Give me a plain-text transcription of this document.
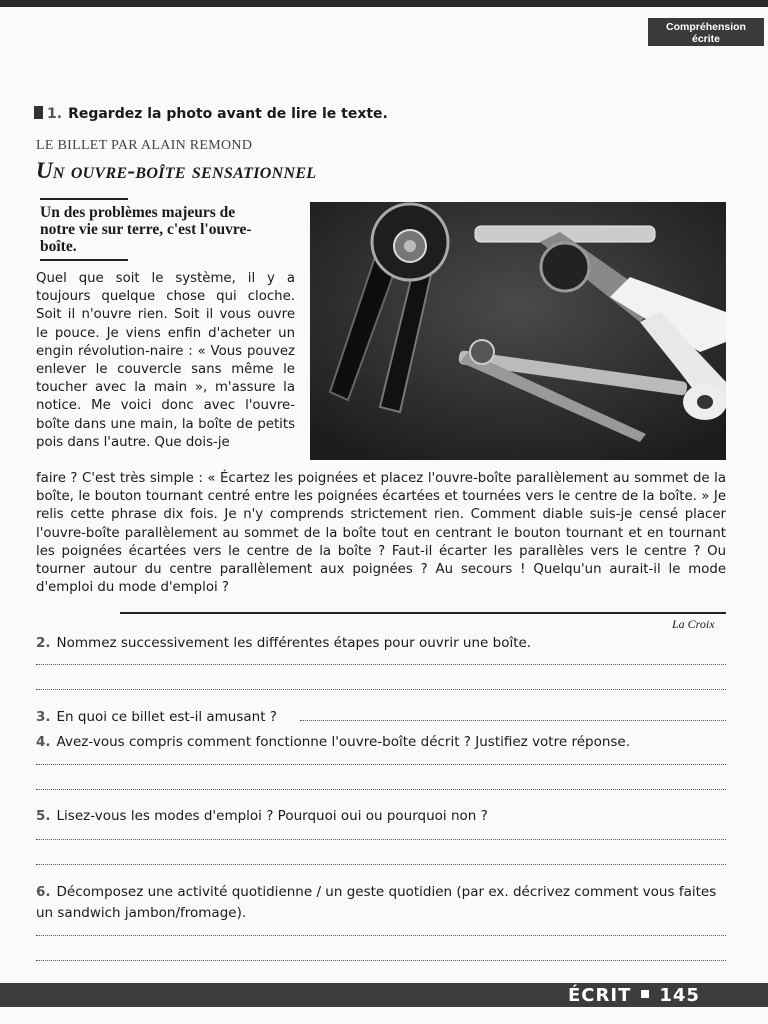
Compréhension
écrite
1. Regardez la photo avant de lire le texte.
LE BILLET PAR ALAIN REMOND
Un ouvre-boîte sensationnel
Un des problèmes majeurs de notre vie sur terre, c'est l'ouvre-boîte.
Quel que soit le système, il y a toujours quelque chose qui cloche. Soit il n'ouvre rien. Soit il vous ouvre le pouce. Je viens enfin d'acheter un engin révolution-naire : « Vous pouvez enlever le couvercle sans même le toucher avec la main », m'assure la notice. Me voici donc avec l'ouvre-boîte dans une main, la boîte de petits pois dans l'autre. Que dois-je
faire ? C'est très simple : « Écartez les poignées et placez l'ouvre-boîte parallèlement au sommet de la boîte, le bouton tournant centré entre les poignées écartées et tournées vers le centre de la boîte. » Je relis cette phrase dix fois. Je n'y comprends strictement rien. Comment diable suis-je censé placer l'ouvre-boîte parallèlement au sommet de la boîte tout en centrant le bouton tournant et en tournant les poignées écartées vers le centre de la boîte ? Faut-il écarter les parallèles vers le centre ? Ou tourner autour du centre parallèlement aux poignées ? Au secours ! Quelqu'un aurait-il le mode d'emploi du mode d'emploi ?
La Croix
2. Nommez successivement les différentes étapes pour ouvrir une boîte.
3. En quoi ce billet est-il amusant ?
4. Avez-vous compris comment fonctionne l'ouvre-boîte décrit ? Justifiez votre réponse.
5. Lisez-vous les modes d'emploi ? Pourquoi oui ou pourquoi non ?
6. Décomposez une activité quotidienne / un geste quotidien (par ex. décrivez comment vous faites un sandwich jambon/fromage).
ÉCRIT 145
